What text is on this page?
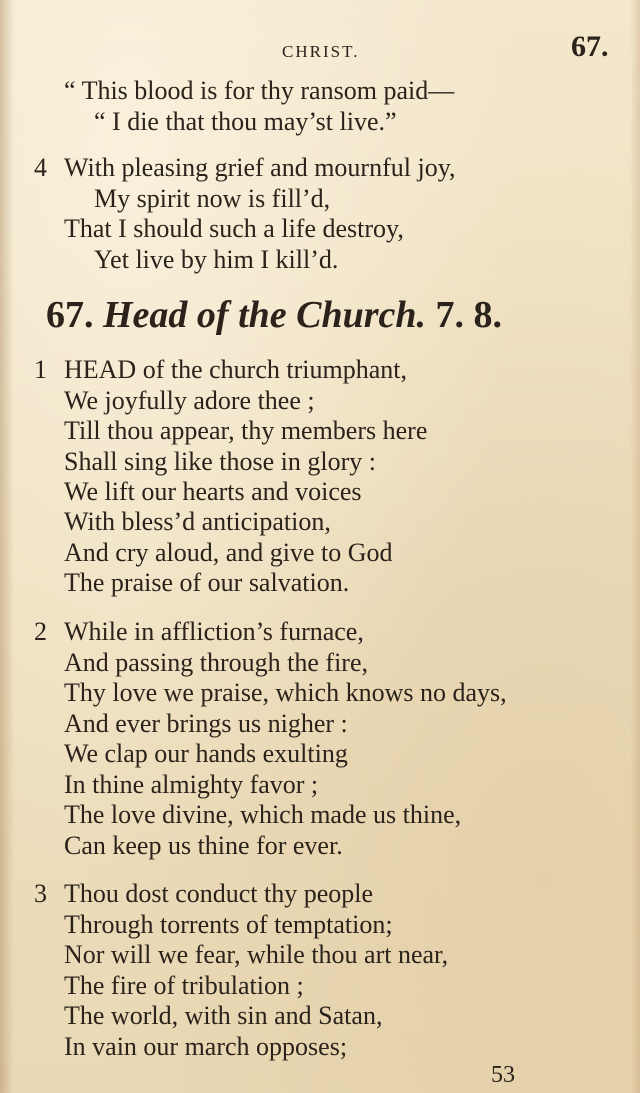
CHRIST.	67.
“ This blood is for thy ransom paid—
“ I die that thou may’st live.”
4 With pleasing grief and mournful joy,
My spirit now is fill’d,
That I should such a life destroy,
Yet live by him I kill’d.
67. Head of the Church. 7. 8.
1 HEAD of the church triumphant,
We joyfully adore thee ;
Till thou appear, thy members here
Shall sing like those in glory :
We lift our hearts and voices
With bless’d anticipation,
And cry aloud, and give to God
The praise of our salvation.
2 While in affliction’s furnace,
And passing through the fire,
Thy love we praise, which knows no days,
And ever brings us nigher :
We clap our hands exulting
In thine almighty favor ;
The love divine, which made us thine,
Can keep us thine for ever.
3 Thou dost conduct thy people
Through torrents of temptation;
Nor will we fear, while thou art near,
The fire of tribulation ;
The world, with sin and Satan,
In vain our march opposes;
53
